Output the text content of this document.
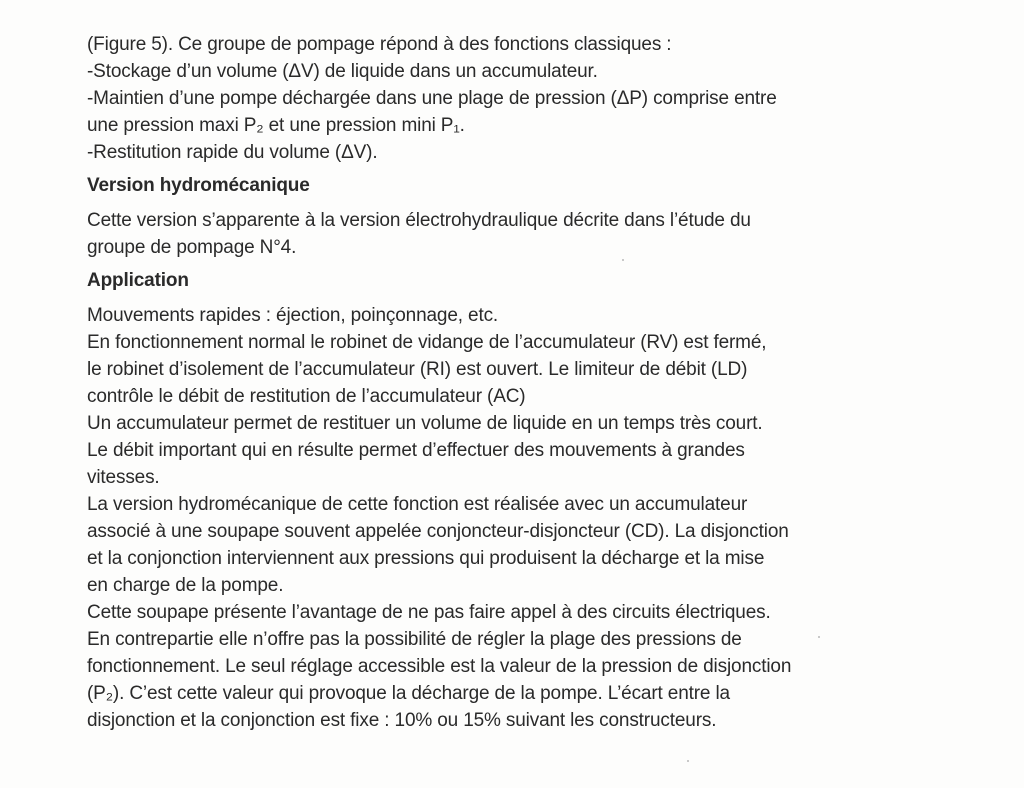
(Figure 5). Ce groupe de pompage répond à des fonctions classiques :

-Stockage d’un volume (ΔV) de liquide dans un accumulateur.

-Maintien d’une pompe déchargée dans une plage de pression (ΔP) comprise entre

une pression maxi P₂ et une pression mini P₁.

-Restitution rapide du volume (ΔV).

Version hydromécanique

Cette version s’apparente à la version électrohydraulique décrite dans l’étude du

groupe de pompage N°4.

Application

Mouvements rapides : éjection, poinçonnage, etc.

En fonctionnement normal le robinet de vidange de l’accumulateur (RV) est fermé,

le robinet d’isolement de l’accumulateur (RI) est ouvert. Le limiteur de débit (LD)

contrôle le débit de restitution de l’accumulateur (AC)

Un accumulateur permet de restituer un volume de liquide en un temps très court.

Le débit important qui en résulte permet d’effectuer des mouvements à grandes

vitesses.

La version hydromécanique de cette fonction est réalisée avec un accumulateur

associé à une soupape souvent appelée conjoncteur-disjoncteur (CD). La disjonction

et la conjonction interviennent aux pressions qui produisent la décharge et la mise

en charge de la pompe.

Cette soupape présente l’avantage de ne pas faire appel à des circuits électriques.

En contrepartie elle n’offre pas la possibilité de régler la plage des pressions de

fonctionnement. Le seul réglage accessible est la valeur de la pression de disjonction

(P₂). C’est cette valeur qui provoque la décharge de la pompe. L’écart entre la

disjonction et la conjonction est fixe : 10% ou 15% suivant les constructeurs.
